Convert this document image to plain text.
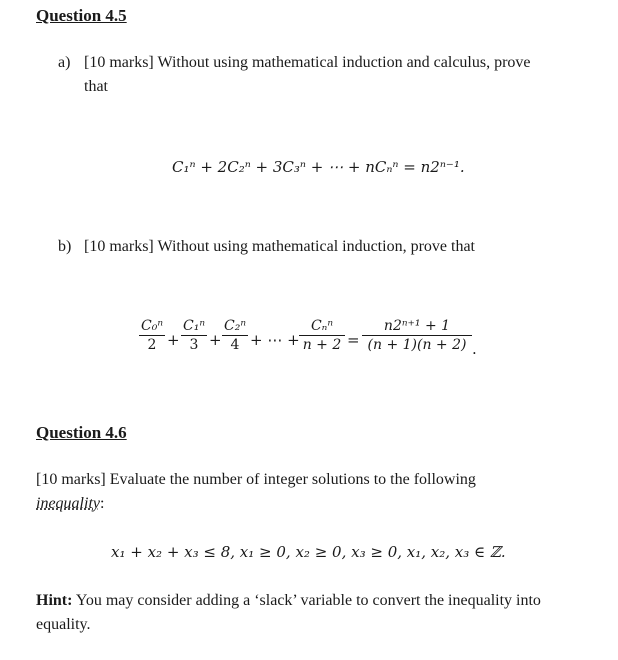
Question 4.5
a) [10 marks] Without using mathematical induction and calculus, prove
that
C₁ⁿ + 2C₂ⁿ + 3C₃ⁿ + ⋯ + nCₙⁿ = n2ⁿ⁻¹.
b) [10 marks] Without using mathematical induction, prove that
C₀ⁿ
2 +
C₁ⁿ
3 +
C₂ⁿ
4 + ⋯ +
Cₙⁿ
n + 2 =
n2ⁿ⁺¹ + 1
(n + 1)(n + 2) .
Question 4.6
[10 marks] Evaluate the number of integer solutions to the following
inequality:
x₁ + x₂ + x₃ ≤ 8, x₁ ≥ 0, x₂ ≥ 0, x₃ ≥ 0, x₁, x₂, x₃ ∈ ℤ.
Hint: You may consider adding a ‘slack’ variable to convert the inequality into
equality.
